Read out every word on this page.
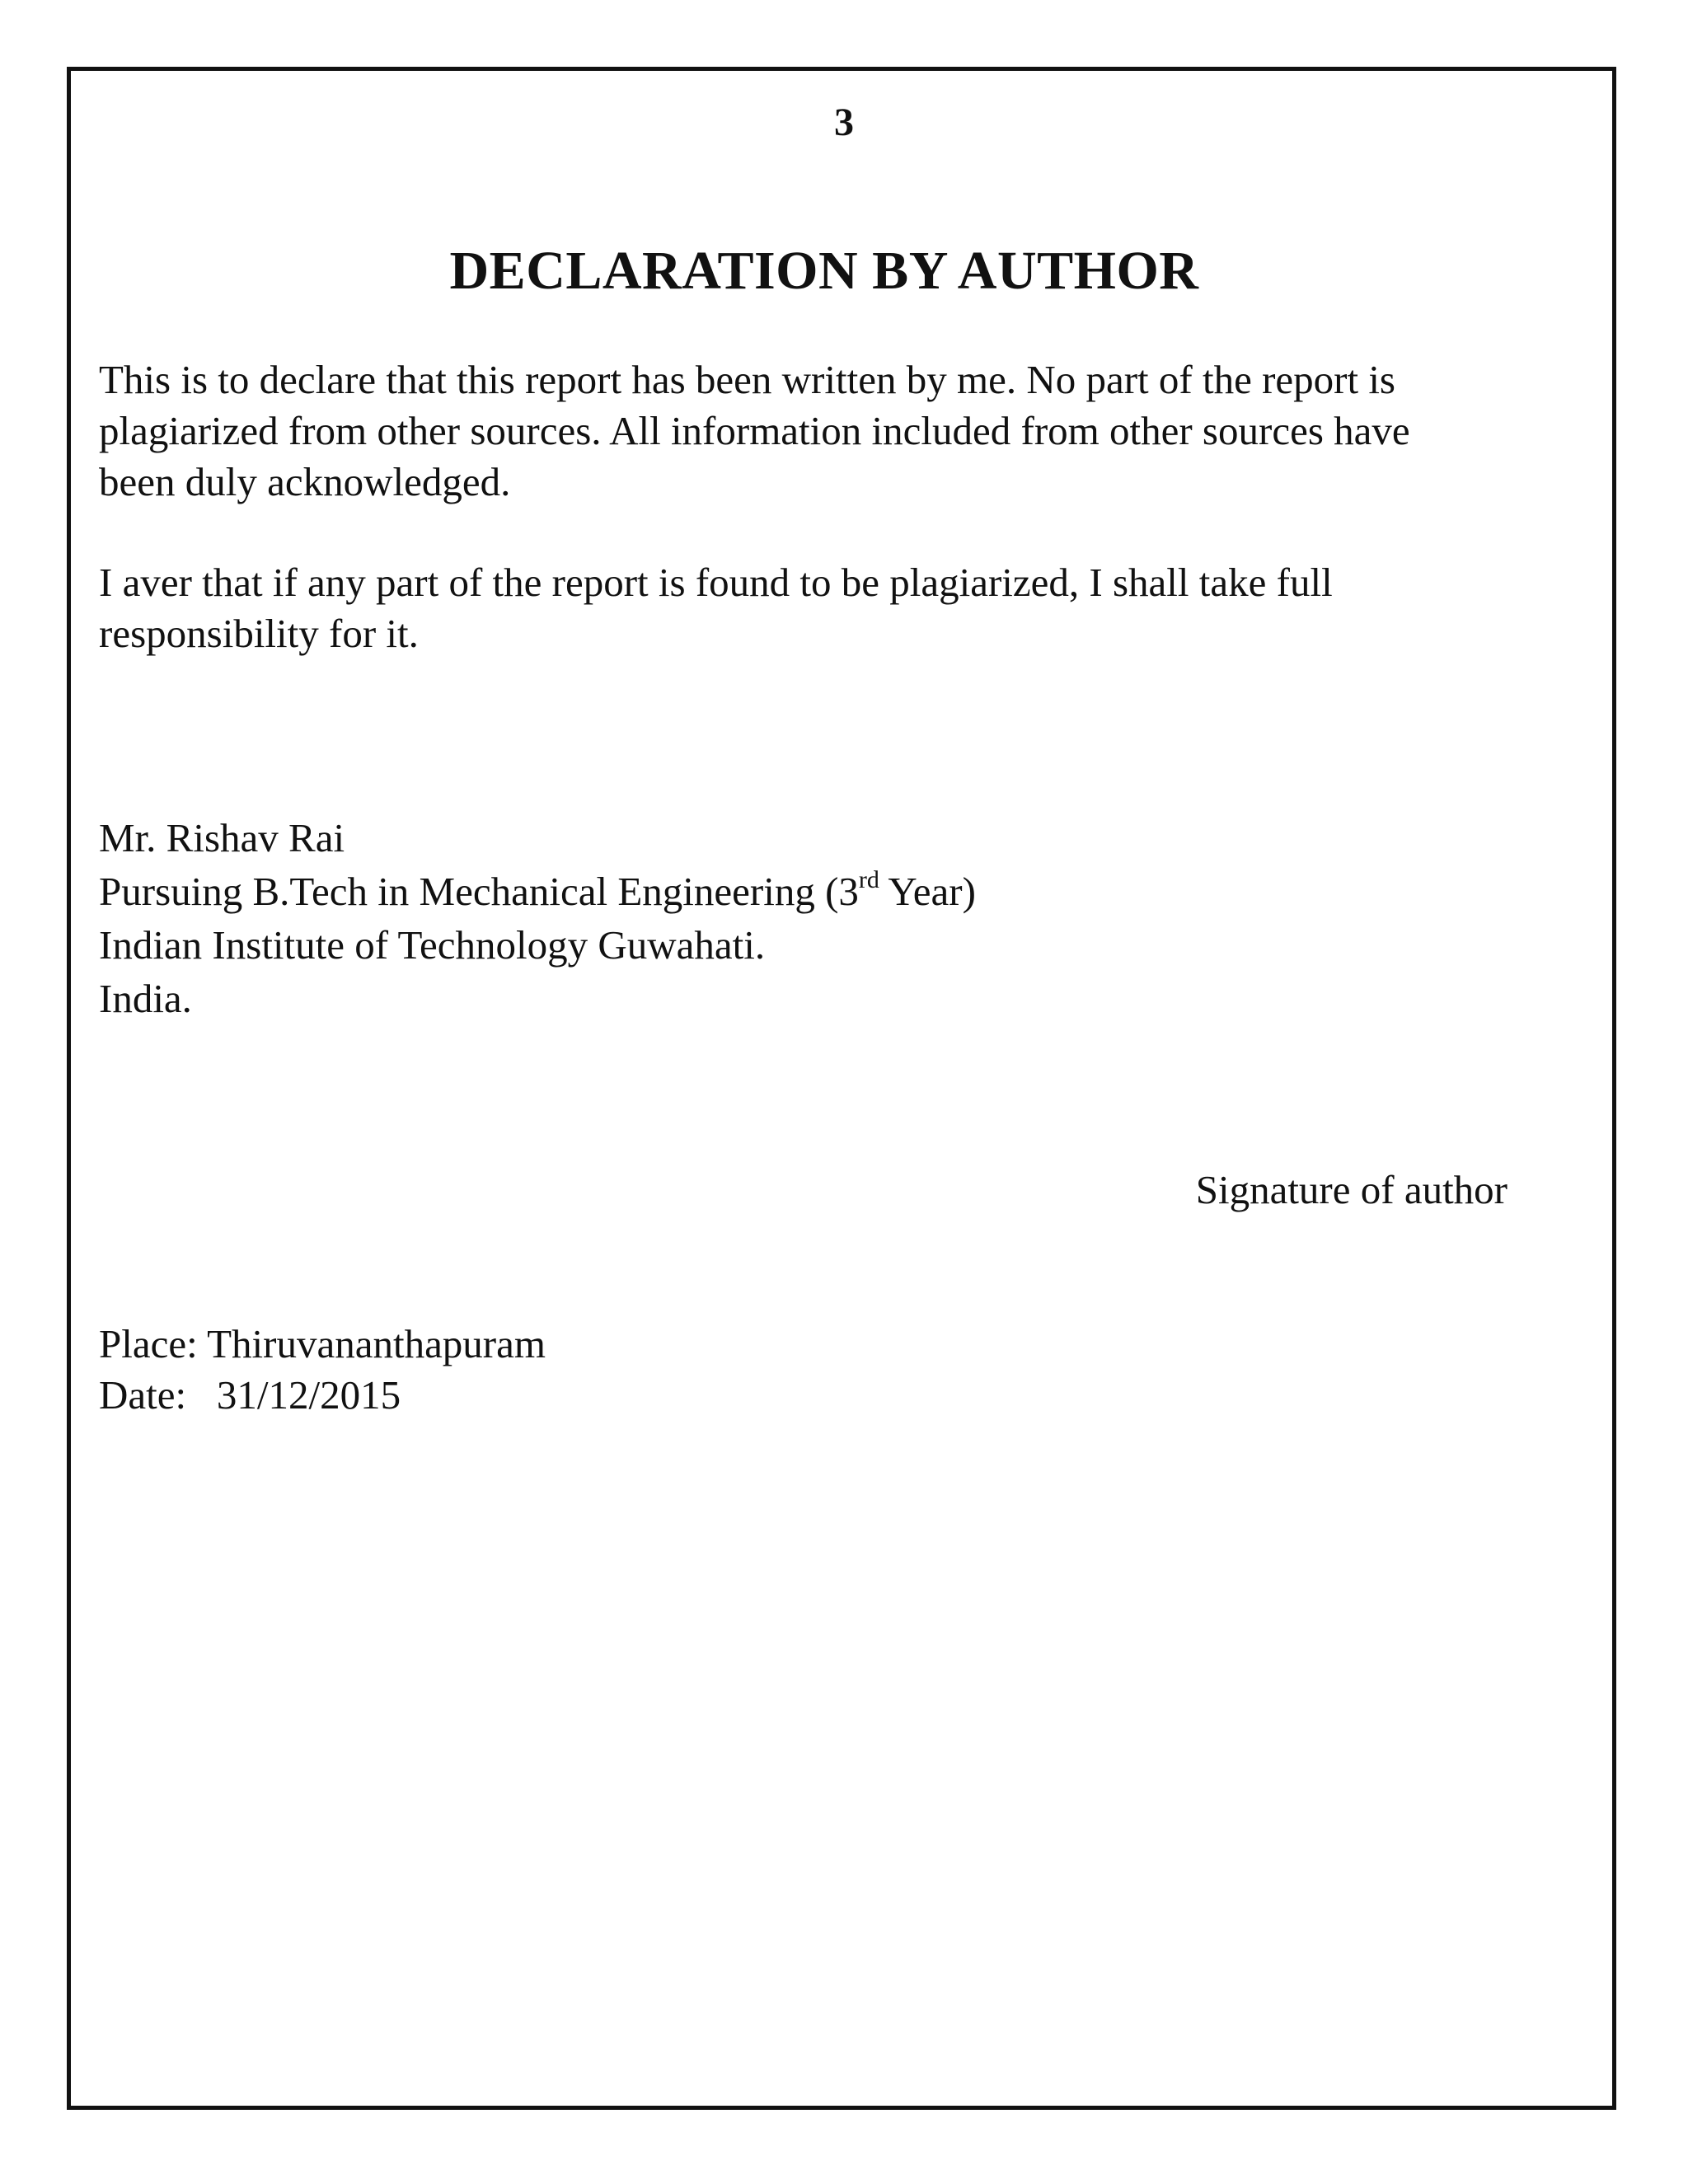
3
DECLARATION BY AUTHOR

This is to declare that this report has been written by me. No part of the report is
plagiarized from other sources. All information included from other sources have
been duly acknowledged.

I aver that if any part of the report is found to be plagiarized, I shall take full
responsibility for it.

Mr. Rishav Rai
Pursuing B.Tech in Mechanical Engineering (3rd Year)
Indian Institute of Technology Guwahati.
India.
Signature of author
Place: Thiruvananthapuram
Date:   31/12/2015
